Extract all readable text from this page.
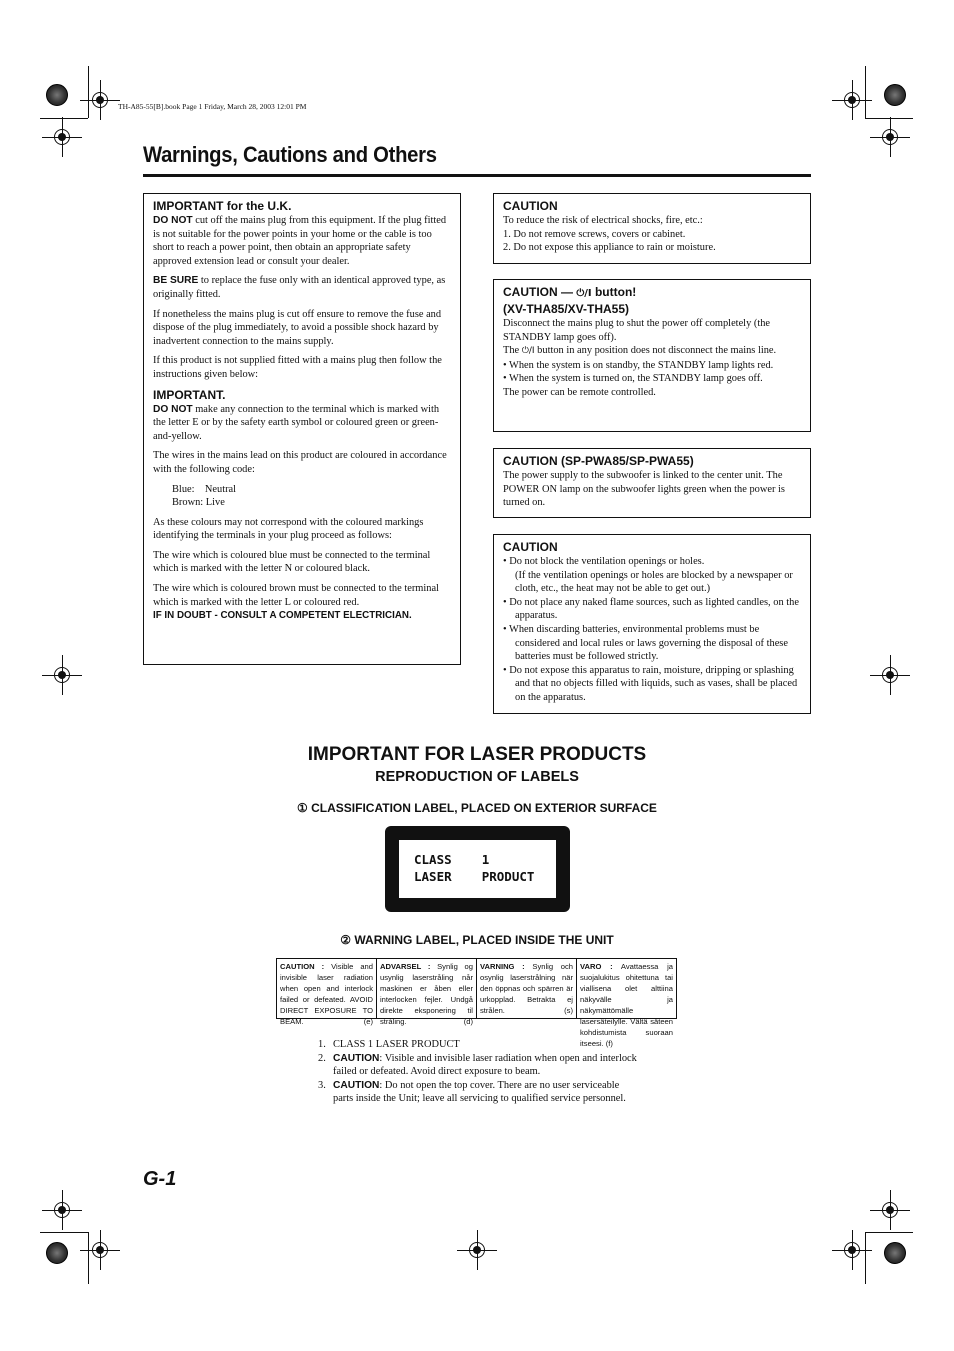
TH-A85-55[B].book Page 1 Friday, March 28, 2003 12:01 PM
Warnings, Cautions and Others
IMPORTANT for the U.K.

DO NOT cut off the mains plug from this equipment. If the plug fitted is not suitable for the power points in your home or the cable is too short to reach a power point, then obtain an appropriate safety approved extension lead or consult your dealer.

BE SURE to replace the fuse only with an identical approved type, as originally fitted.

If nonetheless the mains plug is cut off ensure to remove the fuse and dispose of the plug immediately, to avoid a possible shock hazard by inadvertent connection to the mains supply.

If this product is not supplied fitted with a mains plug then follow the instructions given below:

IMPORTANT.

DO NOT make any connection to the terminal which is marked with the letter E or by the safety earth symbol or coloured green or green-and-yellow.

The wires in the mains lead on this product are coloured in accordance with the following code:

Blue:    Neutral
Brown: Live

As these colours may not correspond with the coloured markings identifying the terminals in your plug proceed as follows:

The wire which is coloured blue must be connected to the terminal which is marked with the letter N or coloured black.

The wire which is coloured brown must be connected to the terminal which is marked with the letter L or coloured red.

IF IN DOUBT - CONSULT A COMPETENT ELECTRICIAN.
CAUTION
To reduce the risk of electrical shocks, fire, etc.:
1. Do not remove screws, covers or cabinet.
2. Do not expose this appliance to rain or moisture.
CAUTION — ⏻/I button!
(XV-THA85/XV-THA55)
Disconnect the mains plug to shut the power off completely (the STANDBY lamp goes off).
The ⏻/I button in any position does not disconnect the mains line.
• When the system is on standby, the STANDBY lamp lights red.
• When the system is turned on, the STANDBY lamp goes off.
The power can be remote controlled.
CAUTION (SP-PWA85/SP-PWA55)
The power supply to the subwoofer is linked to the center unit. The POWER ON lamp on the subwoofer lights green when the power is turned on.
CAUTION
• Do not block the ventilation openings or holes.
(If the ventilation openings or holes are blocked by a newspaper or cloth, etc., the heat may not be able to get out.)
• Do not place any naked flame sources, such as lighted candles, on the apparatus.
• When discarding batteries, environmental problems must be considered and local rules or laws governing the disposal of these batteries must be followed strictly.
• Do not expose this apparatus to rain, moisture, dripping or splashing and that no objects filled with liquids, such as vases, shall be placed on the apparatus.
IMPORTANT FOR LASER PRODUCTS
REPRODUCTION OF LABELS
① CLASSIFICATION LABEL, PLACED ON EXTERIOR SURFACE
CLASS    1
LASER    PRODUCT
② WARNING LABEL, PLACED INSIDE THE UNIT
CAUTION : Visible and invisible laser radiation when open and interlock failed or defeated. AVOID DIRECT EXPOSURE TO BEAM.	(e)
ADVARSEL : Synlig og usynlig laserstråling når maskinen er åben eller interlocken fejler. Undgå direkte eksponering til stråling.	(d)
VARNING : Synlig och osynlig laserstrålning när den öppnas och spärren är urkopplad. Betrakta ej strålen.	(s)
VARO : Avattaessa ja suojalukitus ohitettuna tai viallisena olet alttiina näkyvälle ja näkymättömälle lasersäteilylle. Vältä säteen kohdistumista suoraan itseesi. (f)
1. CLASS 1 LASER PRODUCT
2. CAUTION: Visible and invisible laser radiation when open and interlock failed or defeated. Avoid direct exposure to beam.
3. CAUTION: Do not open the top cover. There are no user serviceable parts inside the Unit; leave all servicing to qualified service personnel.
G-1
